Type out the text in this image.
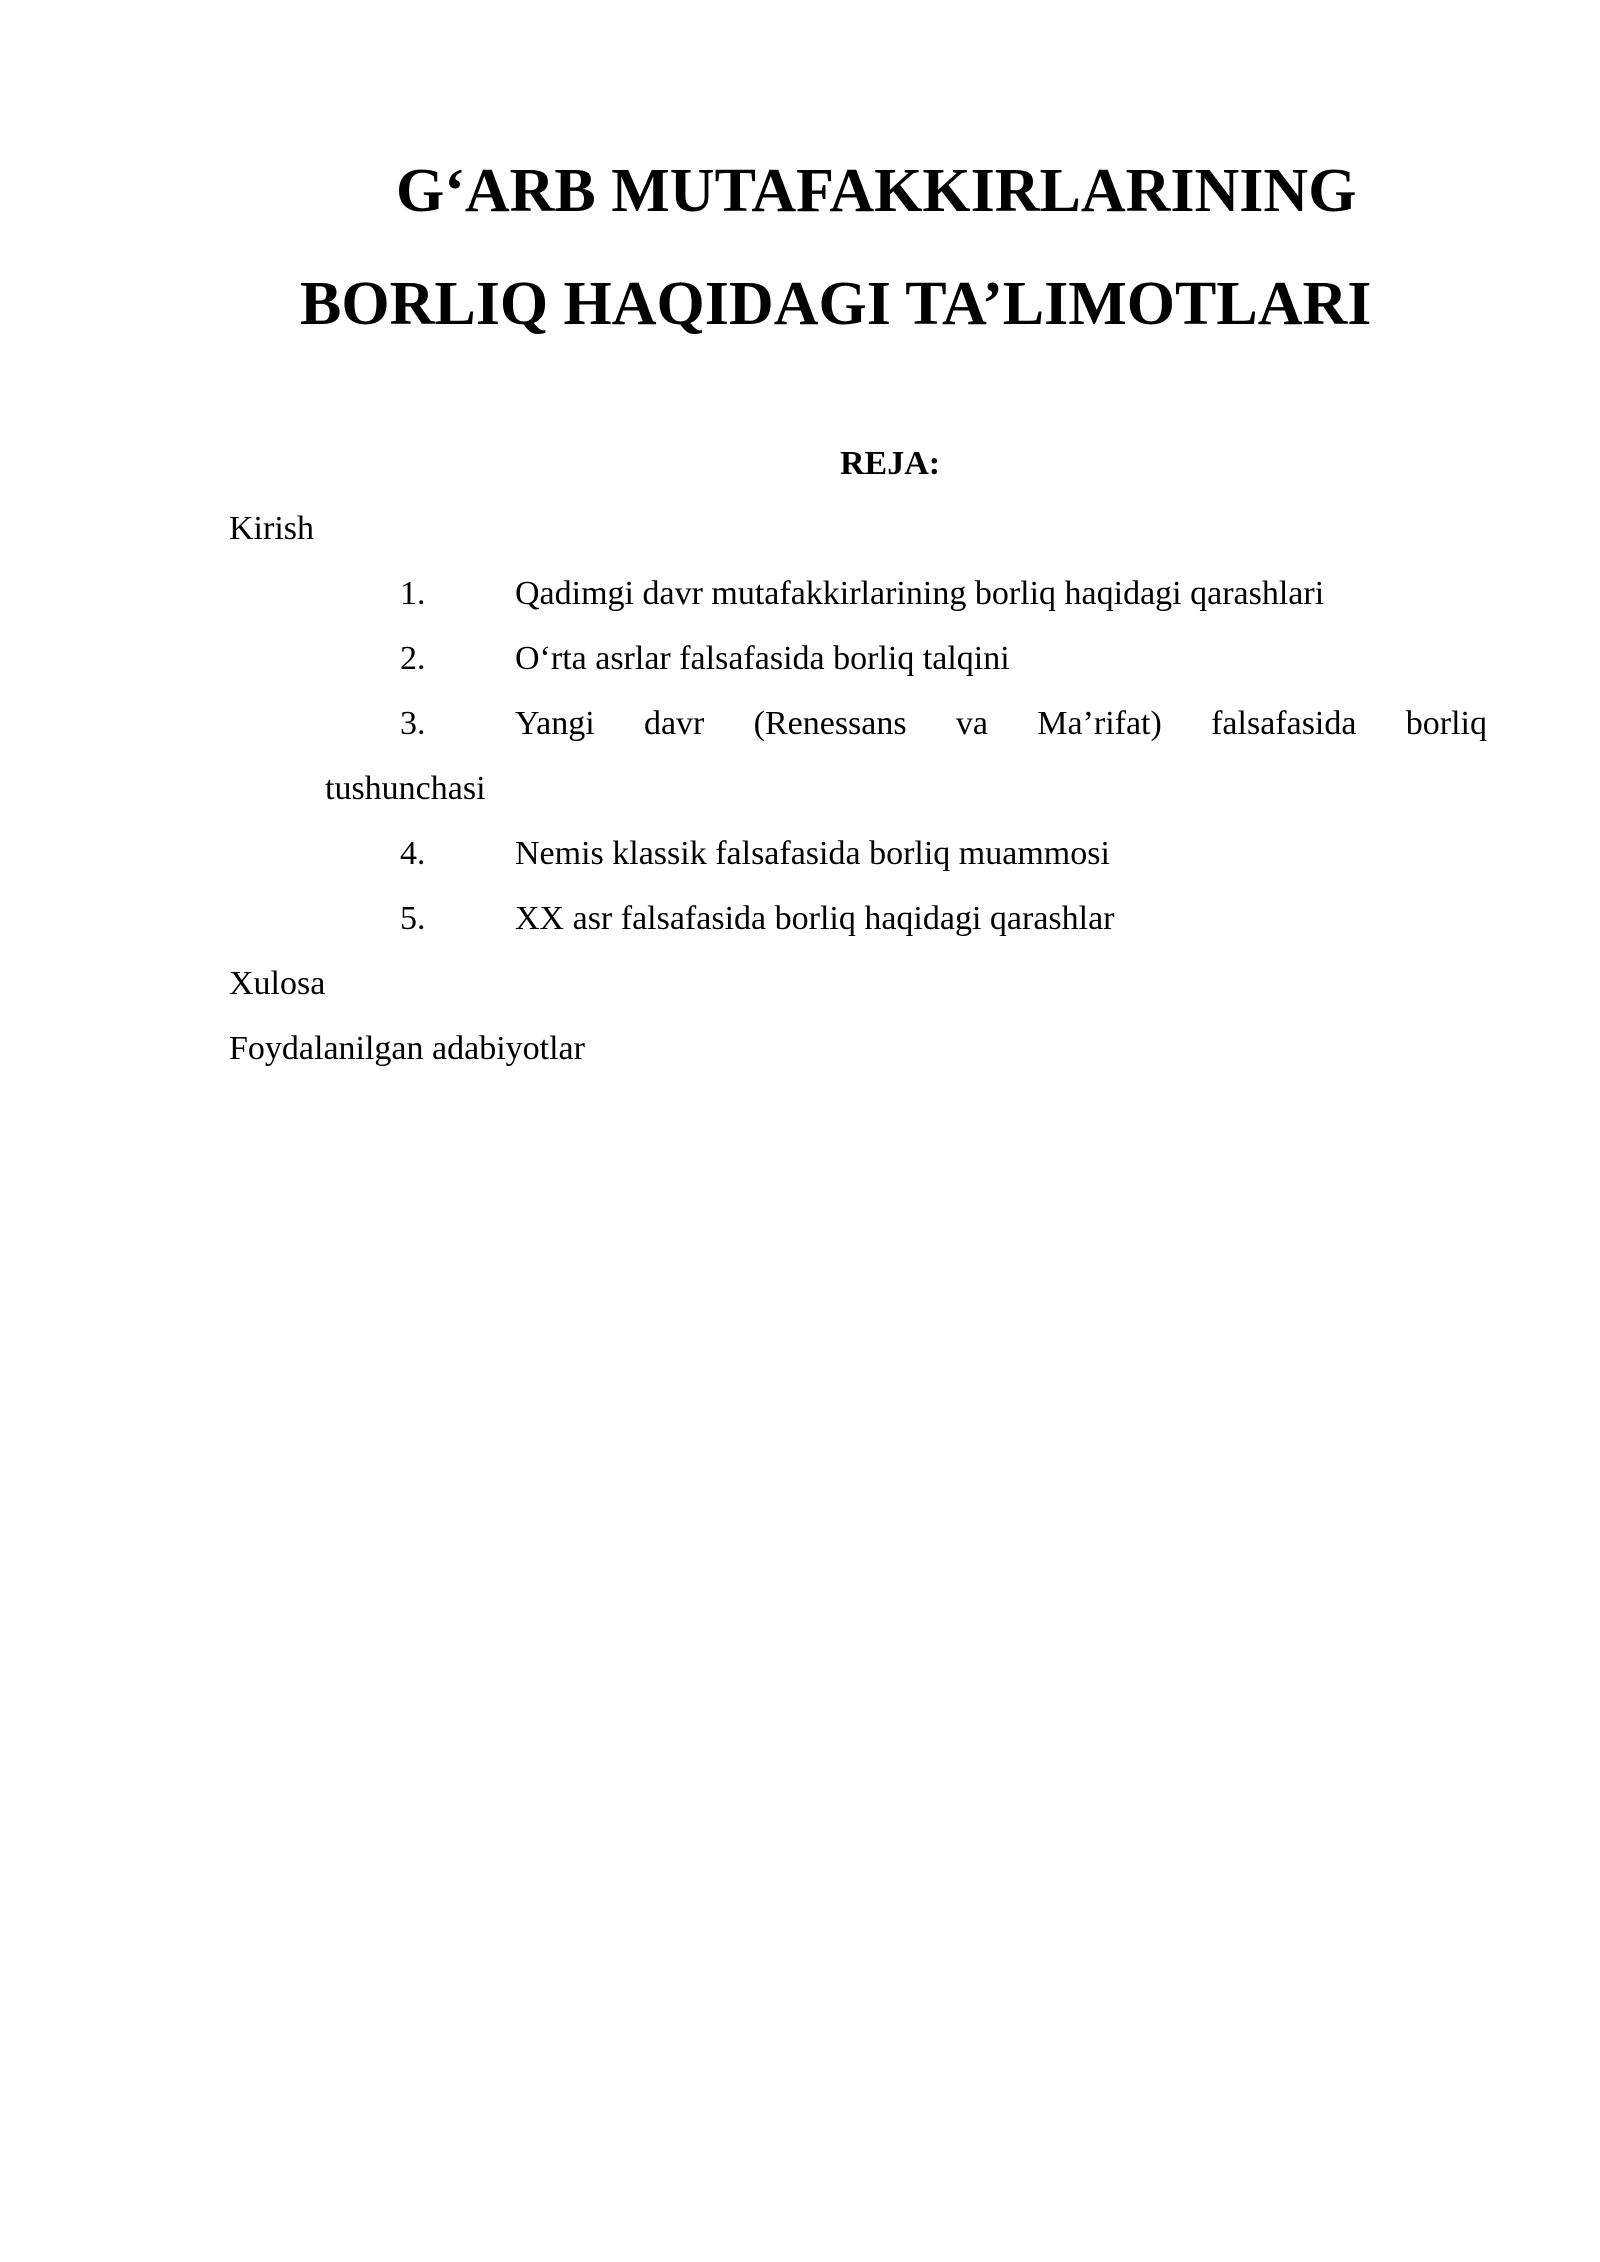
G‘ARB MUTAFAKKIRLARINING
BORLIQ HAQIDAGI TA’LIMOTLARI
REJA:
Kirish
1.	Qadimgi davr mutafakkirlarining borliq haqidagi qarashlari
2.	O‘rta asrlar falsafasida borliq talqini
3.	Yangi davr (Renessans va Ma’rifat) falsafasida borliq
tushunchasi
4.	Nemis klassik falsafasida borliq muammosi
5.	XX asr falsafasida borliq haqidagi qarashlar
Xulosa
Foydalanilgan adabiyotlar
